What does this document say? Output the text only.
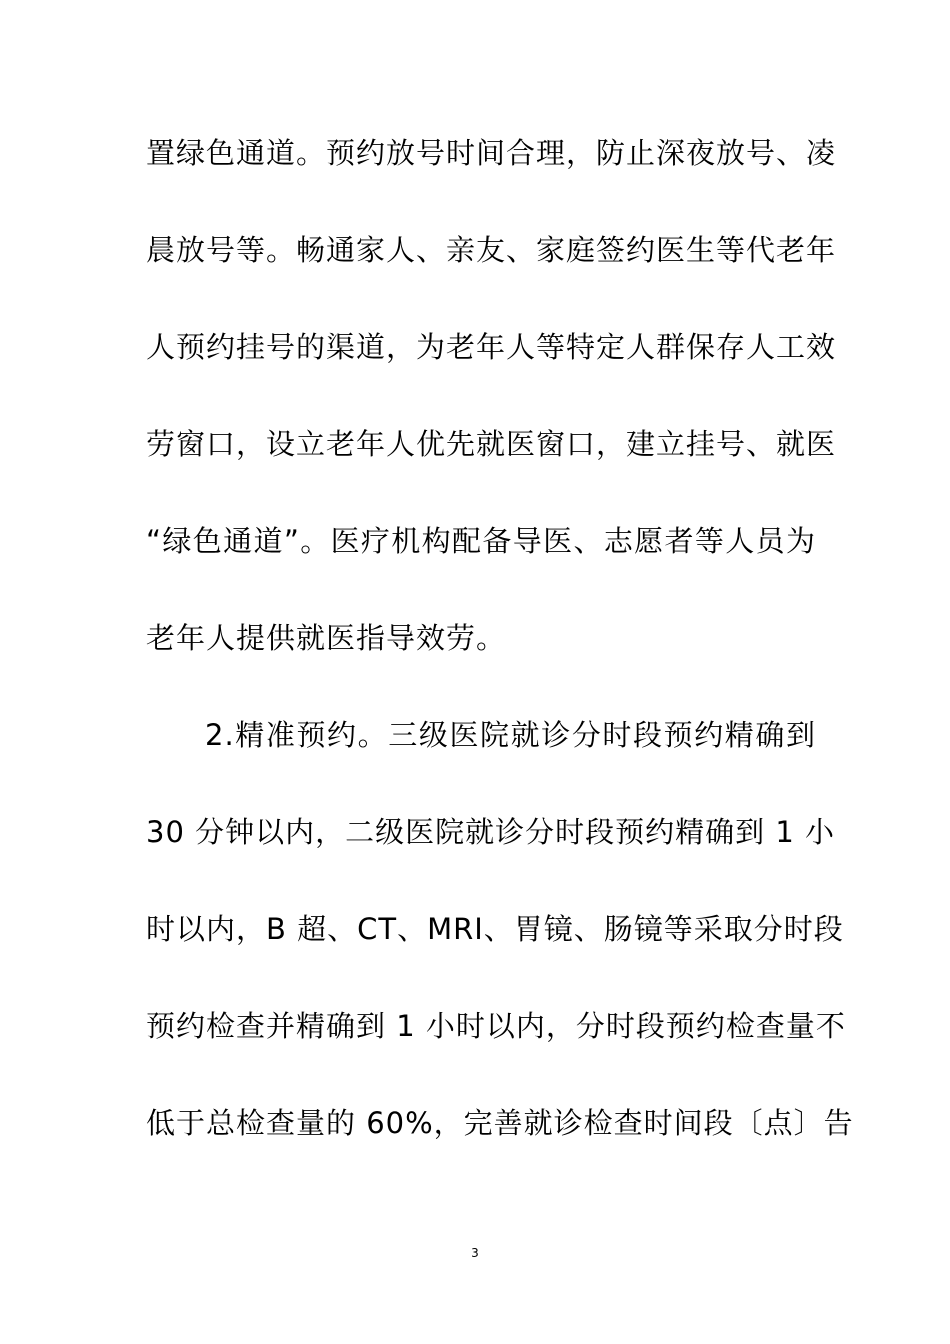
置绿色通道。预约放号时间合理，防止深夜放号、凌
晨放号等。畅通家人、亲友、家庭签约医生等代老年
人预约挂号的渠道，为老年人等特定人群保存人工效
劳窗口，设立老年人优先就医窗口，建立挂号、就医
“绿色通道”。医疗机构配备导医、志愿者等人员为
老年人提供就医指导效劳。
2.精准预约。三级医院就诊分时段预约精确到
30 分钟以内，二级医院就诊分时段预约精确到 1 小
时以内，B 超、CT、MRI、胃镜、肠镜等采取分时段
预约检查并精确到 1 小时以内，分时段预约检查量不
低于总检查量的 60%，完善就诊检查时间段〔点〕告
3
